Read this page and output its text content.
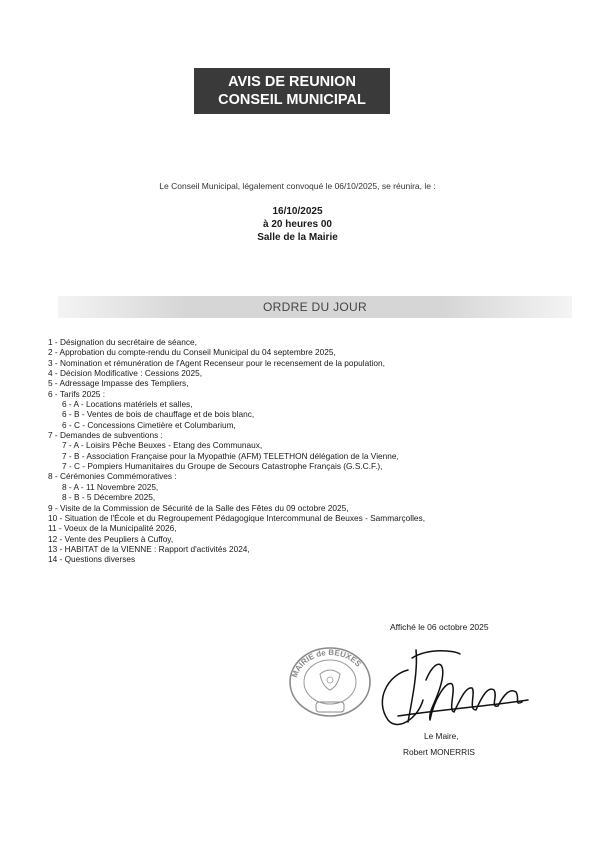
AVIS DE REUNION
CONSEIL MUNICIPAL
Le Conseil Municipal, légalement convoqué le 06/10/2025, se réunira, le :
16/10/2025
à 20 heures 00
Salle de la Mairie
ORDRE DU JOUR
1 - Désignation du secrétaire de séance,
2 - Approbation du compte-rendu du Conseil Municipal du 04 septembre 2025,
3 - Nomination et rémunération de l'Agent Recenseur pour le recensement de la population,
4 - Décision Modificative : Cessions 2025,
5 - Adressage Impasse des Templiers,
6 - Tarifs 2025 :
6 - A - Locations matériels et salles,
6 - B - Ventes de bois de chauffage et de bois blanc,
6 - C - Concessions Cimetière et Columbarium,
7 - Demandes de subventions :
7 - A - Loisirs Pêche Beuxes - Etang des Communaux,
7 - B - Association Française pour la Myopathie (AFM) TELETHON délégation de la Vienne,
7 - C - Pompiers Humanitaires du Groupe de Secours Catastrophe Français (G.S.C.F.),
8 - Cérémonies Commémoratives :
8 - A - 11 Novembre 2025,
8 - B - 5 Décembre 2025,
9 - Visite de la Commission de Sécurité de la Salle des Fêtes du 09 octobre 2025,
10 - Situation de l'École et du Regroupement Pédagogique Intercommunal de Beuxes - Sammarçolles,
11 - Voeux de la Municipalité 2026,
12 - Vente des Peupliers à Cuffoy,
13 - HABITAT de la VIENNE : Rapport d'activités 2024,
14 - Questions diverses
Affiché le 06 octobre 2025
MAIRIE de BEUXES
Le Maire,
Robert MONERRIS
